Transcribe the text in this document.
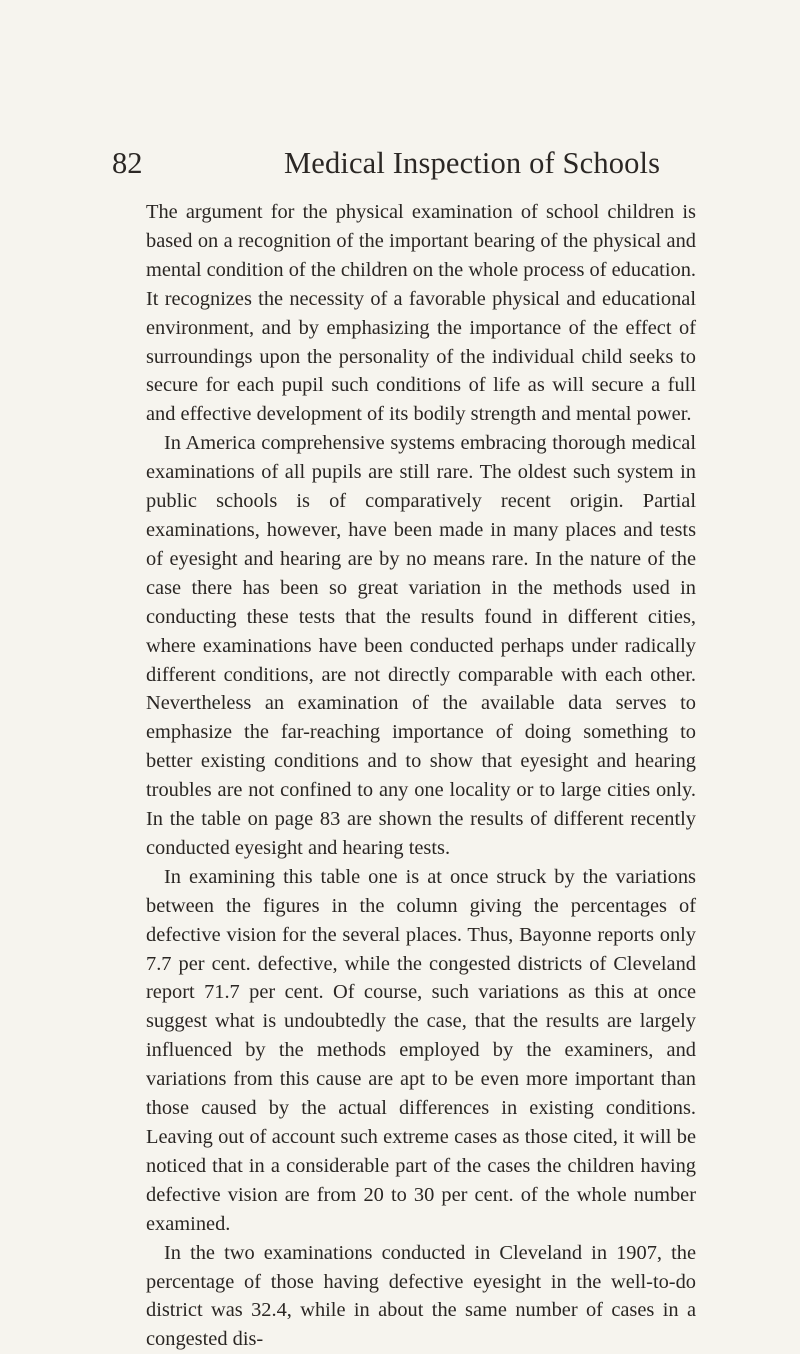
82	Medical Inspection of Schools

The argument for the physical examination of school children is based on a recognition of the important bearing of the physical and mental condition of the children on the whole process of education. It recognizes the necessity of a favorable physical and educational environment, and by emphasizing the importance of the effect of surroundings upon the personality of the individual child seeks to secure for each pupil such conditions of life as will secure a full and effective development of its bodily strength and mental power.

In America comprehensive systems embracing thorough medical examinations of all pupils are still rare. The oldest such system in public schools is of comparatively recent origin. Partial examinations, however, have been made in many places and tests of eyesight and hearing are by no means rare. In the nature of the case there has been so great variation in the methods used in conducting these tests that the results found in different cities, where examinations have been conducted perhaps under radically different conditions, are not directly comparable with each other. Nevertheless an examination of the available data serves to emphasize the far-reaching importance of doing something to better existing conditions and to show that eyesight and hearing troubles are not confined to any one locality or to large cities only. In the table on page 83 are shown the results of different recently conducted eyesight and hearing tests.

In examining this table one is at once struck by the variations between the figures in the column giving the percentages of defective vision for the several places. Thus, Bayonne reports only 7.7 per cent. defective, while the congested districts of Cleveland report 71.7 per cent. Of course, such variations as this at once suggest what is undoubtedly the case, that the results are largely influenced by the methods employed by the examiners, and variations from this cause are apt to be even more important than those caused by the actual differences in existing conditions. Leaving out of account such extreme cases as those cited, it will be noticed that in a considerable part of the cases the children having defective vision are from 20 to 30 per cent. of the whole number examined.

In the two examinations conducted in Cleveland in 1907, the percentage of those having defective eyesight in the well-to-do district was 32.4, while in about the same number of cases in a congested dis-
